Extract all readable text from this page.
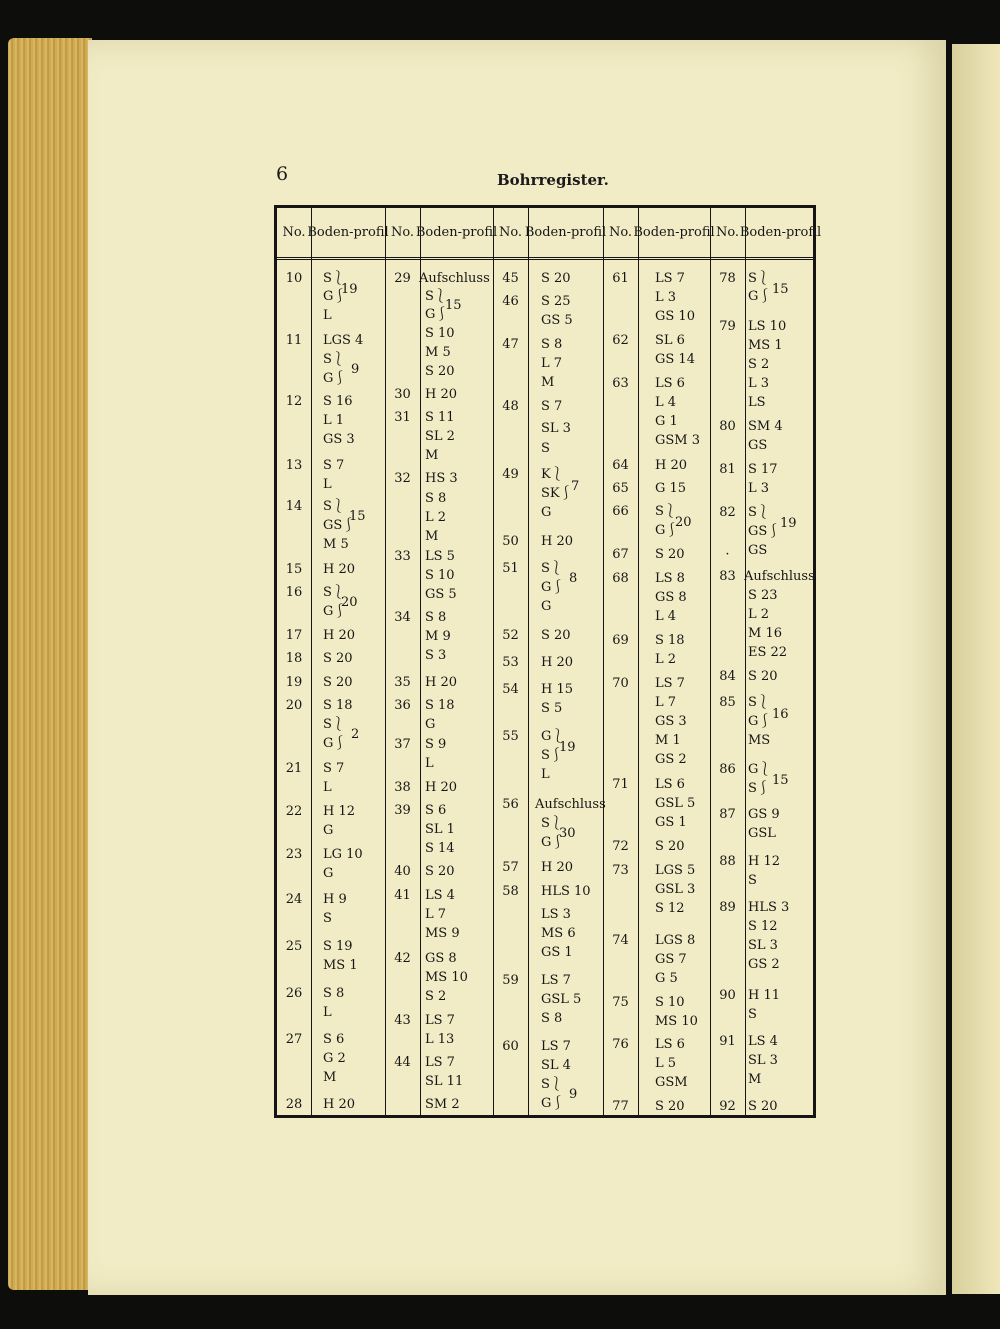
6	Bohrregister.
No. Boden- profil No. Boden- profil No. Boden- profil No. Boden- profil No. Boden- profil
10
11
12
13
14
15
16
17
18
19
20
21
22
23
24
25
26
27
28
S⎱
19
G⎰
L
LGS 4
S⎱
9
G⎰
S 16
L 1
GS 3
S 7
L
S⎱
15
GS⎰
M 5
H 20
S⎱
20
G⎰
H 20
S 20
S 20
S 18
S⎱
2
G⎰
S 7
L
H 12
G
LG 10
G
H 9
S
S 19
MS 1
S 8
L
S 6
G 2
M
H 20
29
30
31
32
33
34
35
36
37
38
39
40
41
42
43
44
Aufschluss
S⎱
15
G⎰
S 10
M 5
S 20
H 20
S 11
SL 2
M
HS 3
S 8
L 2
M
LS 5
S 10
GS 5
S 8
M 9
S 3
H 20
S 18
G
S 9
L
H 20
S 6
SL 1
S 14
S 20
LS 4
L 7
MS 9
GS 8
MS 10
S 2
LS 7
L 13
LS 7
SL 11
SM 2
45
46
47
48
49
50
51
52
53
54
55
56
57
58
59
60
S 20
S 25
GS 5
S 8
L 7
M
S 7
SL 3
S
K⎱
7
SK⎰
G
H 20
S⎱
8
G⎰
G
S 20
H 20
H 15
S 5
G⎱
19
S⎰
L
Aufschluss
S⎱
30
G⎰
H 20
HLS 10
LS 3
MS 6
GS 1
LS 7
GSL 5
S 8
LS 7
SL 4
S⎱
9
G⎰
61
62
63
64
65
66
67
68
69
70
71
72
73
74
75
76
77
LS 7
L 3
GS 10
SL 6
GS 14
LS 6
L 4
G 1
GSM 3
H 20
G 15
S⎱
20
G⎰
S 20
LS 8
GS 8
L 4
S 18
L 2
LS 7
L 7
GS 3
M 1
GS 2
LS 6
GSL 5
GS 1
S 20
LGS 5
GSL 3
S 12
LGS 8
GS 7
G 5
S 10
MS 10
LS 6
L 5
GSM
S 20
78
79
80
81
82
·
83
84
85
86
87
88
89
90
91
92
S⎱
15
G⎰
LS 10
MS 1
S 2
L 3
LS
SM 4
GS
S 17
L 3
S⎱
19
GS⎰
GS
Aufschluss
S 23
L 2
M 16
ES 22
S 20
S⎱
16
G⎰
MS
G⎱
15
S⎰
GS 9
GSL
H 12
S
HLS 3
S 12
SL 3
GS 2
H 11
S
LS 4
SL 3
M
S 20
